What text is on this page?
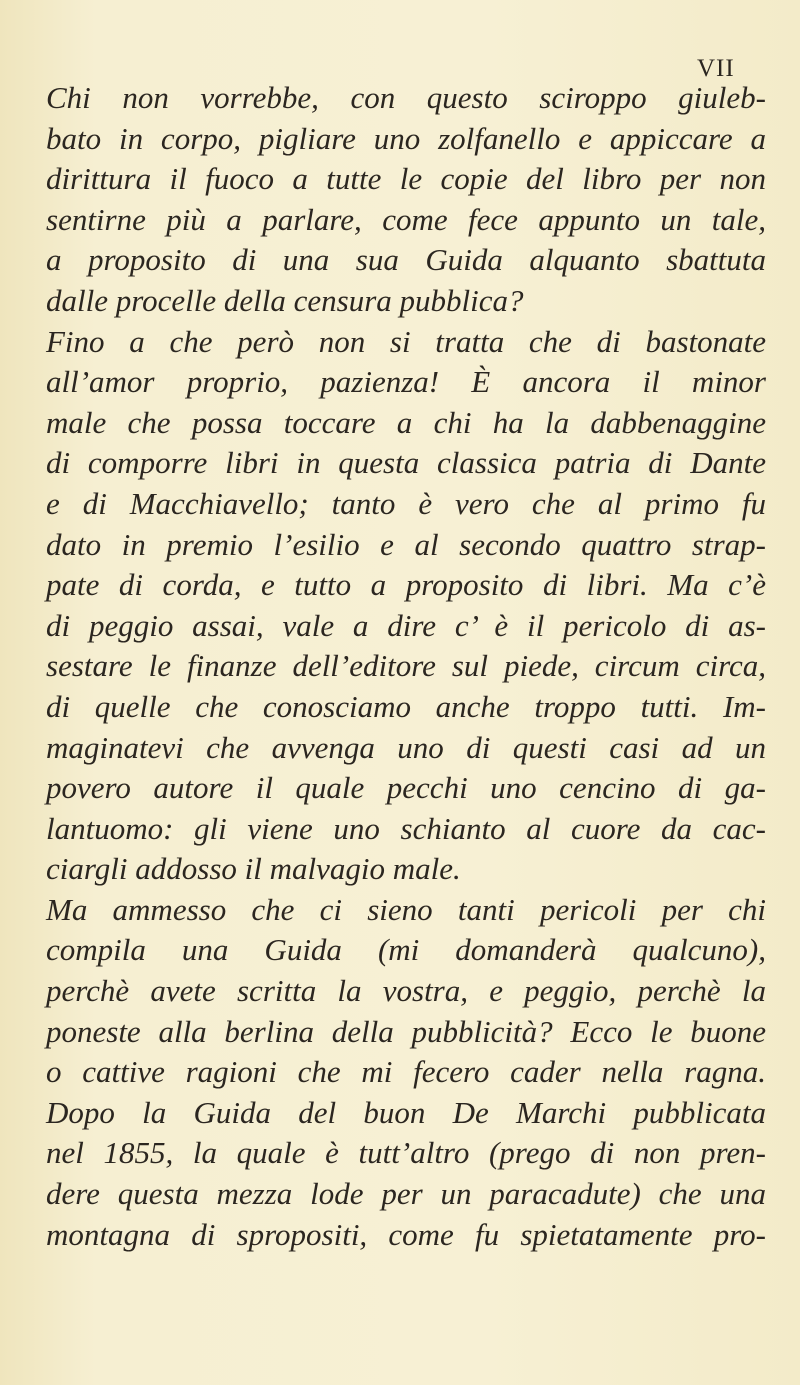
VII
Chi non vorrebbe, con questo sciroppo giuleb-
bato in corpo, pigliare uno zolfanello e appiccare a
dirittura il fuoco a tutte le copie del libro per non
sentirne più a parlare, come fece appunto un tale,
a proposito di una sua Guida alquanto sbattuta
dalle procelle della censura pubblica?
Fino a che però non si tratta che di bastonate
all’amor proprio, pazienza! È ancora il minor
male che possa toccare a chi ha la dabbenaggine
di comporre libri in questa classica patria di Dante
e di Macchiavello; tanto è vero che al primo fu
dato in premio l’esilio e al secondo quattro strap-
pate di corda, e tutto a proposito di libri. Ma c’è
di peggio assai, vale a dire c’ è il pericolo di as-
sestare le finanze dell’editore sul piede, circum circa,
di quelle che conosciamo anche troppo tutti. Im-
maginatevi che avvenga uno di questi casi ad un
povero autore il quale pecchi uno cencino di ga-
lantuomo: gli viene uno schianto al cuore da cac-
ciargli addosso il malvagio male.
Ma ammesso che ci sieno tanti pericoli per chi
compila una Guida (mi domanderà qualcuno),
perchè avete scritta la vostra, e peggio, perchè la
poneste alla berlina della pubblicità? Ecco le buone
o cattive ragioni che mi fecero cader nella ragna.
Dopo la Guida del buon De Marchi pubblicata
nel 1855, la quale è tutt’altro (prego di non pren-
dere questa mezza lode per un paracadute) che una
montagna di spropositi, come fu spietatamente pro-
